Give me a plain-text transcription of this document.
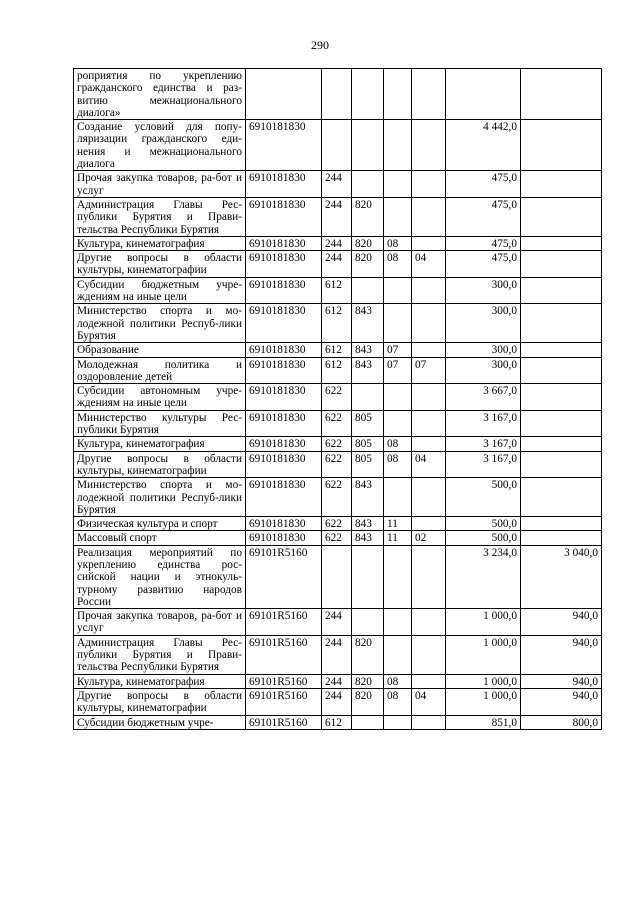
290
роприятия по укреплению гражданского единства и раз-витию межнационального диалога»							
Создание условий для попу-ляризации гражданского еди-нения и межнационального диалога	6910181830					4 442,0	
Прочая закупка товаров, ра-бот и услуг	6910181830	244				475,0	
Администрация Главы Рес-публики Бурятия и Прави-тельства Республики Бурятия	6910181830	244	820			475,0	
Культура, кинематография	6910181830	244	820	08		475,0	
Другие вопросы в области культуры, кинематографии	6910181830	244	820	08	04	475,0	
Субсидии бюджетным учре-ждениям на иные цели	6910181830	612				300,0	
Министерство спорта и мо-лодежной политики Респуб-лики Бурятия	6910181830	612	843			300,0	
Образование	6910181830	612	843	07		300,0	
Молодежная политика и оздоровление детей	6910181830	612	843	07	07	300,0	
Субсидии автономным учре-ждениям на иные цели	6910181830	622				3 667,0	
Министерство культуры Рес-публики Бурятия	6910181830	622	805			3 167,0	
Культура, кинематография	6910181830	622	805	08		3 167,0	
Другие вопросы в области культуры, кинематографии	6910181830	622	805	08	04	3 167,0	
Министерство спорта и мо-лодежной политики Респуб-лики Бурятия	6910181830	622	843			500,0	
Физическая культура и спорт	6910181830	622	843	11		500,0	
Массовый спорт	6910181830	622	843	11	02	500,0	
Реализация мероприятий по укреплению единства рос-сийской нации и этнокуль-турному развитию народов России	69101R5160					3 234,0	3 040,0
Прочая закупка товаров, ра-бот и услуг	69101R5160	244				1 000,0	940,0
Администрация Главы Рес-публики Бурятия и Прави-тельства Республики Бурятия	69101R5160	244	820			1 000,0	940,0
Культура, кинематография	69101R5160	244	820	08		1 000,0	940,0
Другие вопросы в области культуры, кинематографии	69101R5160	244	820	08	04	1 000,0	940,0
Субсидии бюджетным учре-	69101R5160	612				851,0	800,0
